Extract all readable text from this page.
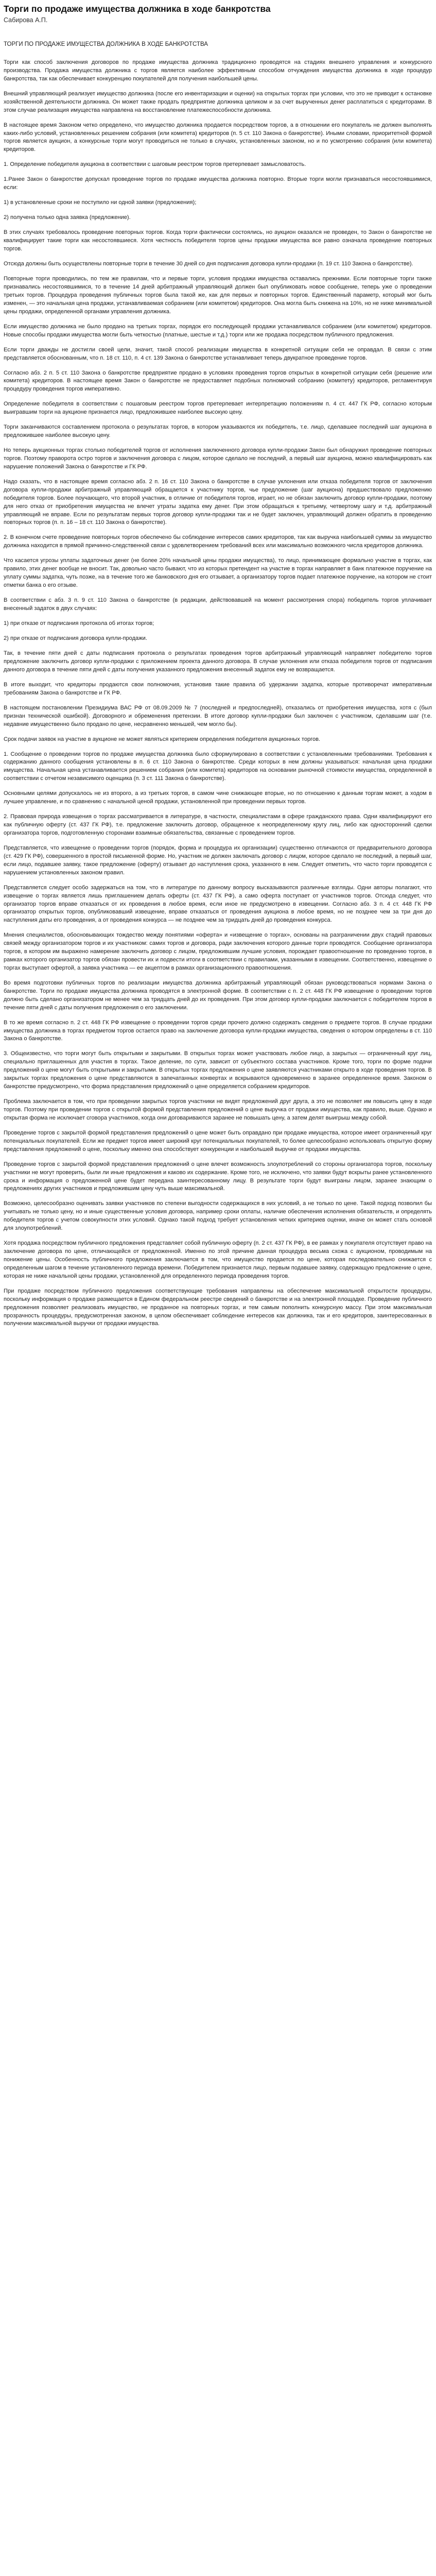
Торги по продаже имущества должника в ходе банкротства
Сабирова А.П.
ТОРГИ ПО ПРОДАЖЕ ИМУЩЕСТВА ДОЛЖНИКА В ХОДЕ БАНКРОТСТВА

Торги как способ заключения договоров по продаже имущества должника традиционно проводятся на стадиях внешнего управления и конкурсного производства. Продажа имущества должника с торгов является наиболее эффективным способом отчуждения имущества должника в ходе процедур банкротства, так как обеспечивает конкуренцию покупателей для получения наибольшей цены.

Внешний управляющий реализует имущество должника (после его инвентаризации и оценки) на открытых торгах при условии, что это не приводит к остановке хозяйственной деятельности должника. Он может также продать предприятие должника целиком и за счет вырученных денег расплатиться с кредиторами. В этом случае реализация имущества направлена на восстановление платежеспособности должника.

В настоящее время Законом четко определено, что имущество должника продается посредством торгов, а в отношении его покупатель не должен выполнять каких-либо условий, установленных решением собрания (или комитета) кредиторов (п. 5 ст. 110 Закона о банкротстве). Иными словами, приоритетной формой торгов является аукцион, а конкурсные торги могут проводиться не только в случаях, установленных законом, но и по усмотрению собрания (или комитета) кредиторов.

1. Определение победителя аукциона в соответствии с шаговым реестром торгов претерпевает замысловатость.

1.Ранее Закон о банкротстве допускал проведение торгов по продаже имущества должника повторно. Вторые торги могли признаваться несостоявшимися, если:

1) в установленные сроки не поступило ни одной заявки (предложения);

2) получена только одна заявка (предложение).

В этих случаях требовалось проведение повторных торгов. Когда торги фактически состоялись, но аукцион оказался не проведен, то Закон о банкротстве не квалифицирует такие торги как несостоявшиеся. Хотя честность победителя торгов цены продажи имущества все равно означала проведение повторных торгов.

Отсюда должны быть осуществлены повторные торги в течение 30 дней со дня подписания договора купли-продажи (п. 19 ст. 110 Закона о банкротстве).

Повторные торги проводились, по тем же правилам, что и первые торги, условия продажи имущества оставались прежними. Если повторные торги также признавались несостоявшимися, то в течение 14 дней арбитражный управляющий должен был опубликовать новое сообщение, теперь уже о проведении третьих торгов. Процедура проведения публичных торгов была такой же, как для первых и повторных торгов. Единственный параметр, который мог быть изменен, — это начальная цена продажи, устанавливаемая собранием (или комитетом) кредиторов. Она могла быть снижена на 10%, но не ниже минимальной цены продажи, определенной органами управления должника.

Если имущество должника не было продано на третьих торгах, порядок его последующей продажи устанавливался собранием (или комитетом) кредиторов. Новые способы продажи имущества могли быть четкостью (платные, шестые и т.д.) торги или же продажа посредством публичного предложения.

Если торги дважды не достигли своей цели, значит, такой способ реализации имущества в конкретной ситуации себя не оправдал. В связи с этим представляется обоснованным, что п. 18 ст. 110, п. 4 ст. 139 Закона о банкротстве устанавливает теперь двукратное проведение торгов.

Согласно абз. 2 п. 5 ст. 110 Закона о банкротстве предприятие продано в условиях проведения торгов открытых в конкретной ситуации себя (решение или комитета) кредиторов. В настоящее время Закон о банкротстве не предоставляет подобных полномочий собранию (комитету) кредиторов, регламентируя процедуру проведения торгов императивно.

Определение победителя в соответствии с пошаговым реестром торгов претерпевает интерпретацию положениям п. 4 ст. 447 ГК РФ, согласно которым выигравшим торги на аукционе признается лицо, предложившее наиболее высокую цену.

Торги заканчиваются составлением протокола о результатах торгов, в котором указываются их победитель, т.е. лицо, сделавшее последний шаг аукциона в предложившее наиболее высокую цену.

Но теперь аукционных торгах столько победителей торгов от исполнения заключенного договора купли-продажи Закон был обнаружил проведение повторных торгов. Поэтому праворота остро торгов и заключения договора с лицом, которое сделало не последний, а первый шаг аукциона, можно квалифицировать как нарушение положений Закона о банкротстве и ГК РФ.

Надо сказать, что в настоящее время согласно абз. 2 п. 16 ст. 110 Закона о банкротстве в случае уклонения или отказа победителя торгов от заключения договора купли-продажи арбитражный управляющий обращается к участнику торгов, чье предложение (шаг аукциона) предшествовало предложению победителя торгов. Более поучающего, что второй участник, в отличие от победителя торгов, играет, но не обязан заключить договор купли-продажи, поэтому для него отказ от приобретения имущества не влечет утраты задатка ему денег. При этом обращаться к третьему, четвертому шагу и т.д. арбитражный управляющий не вправе. Если по результатам первых торгов договор купли-продажи так и не будет заключен, управляющий должен обратить в проведению повторных торгов (п. п. 16 – 18 ст. 110 Закона о банкротстве).

2. В конечном счете проведение повторных торгов обеспечено бы соблюдение интересов самих кредиторов, так как выручка наибольшей суммы за имущество должника находится в прямой причинно-следственной связи с удовлетворением требований всех или максимально возможного числа кредиторов должника.

Что касается угрозы уплаты задаточных денег (не более 20% начальной цены продажи имущества), то лицо, принимающее формально участие в торгах, как правило, этих денег вообще не вносит. Так, довольно часто бывают, что из которых претендент на участие в торгах направляет в банк платежное поручение на уплату суммы задатка, чуть позже, на в течение того же банковского дня его отзывает, а организатору торгов подает платежное поручение, на котором не стоит отметки банка о его отзыве.

В соответствии с абз. 3 п. 9 ст. 110 Закона о банкротстве (в редакции, действовавшей на момент рассмотрения спора) победитель торгов уплачивает внесенный задаток в двух случаях:

1) при отказе от подписания протокола об итогах торгов;

2) при отказе от подписания договора купли-продажи.

Так, в течение пяти дней с даты подписания протокола о результатах проведения торгов арбитражный управляющий направляет победителю торгов предложение заключить договор купли-продажи с приложением проекта данного договора. В случае уклонения или отказа победителя торгов от подписания данного договора в течение пяти дней с даты получения указанного предложения внесенный задаток ему не возвращается.

В итоге выходит, что кредиторы продаются свои полномочия, установив такие правила об удержании задатка, которые противоречат императивным требованиям Закона о банкротстве и ГК РФ.

В настоящем постановлении Президиума ВАС РФ от 08.09.2009 № 7 (последней и предпоследней), отказались от приобретения имущества, хотя с (был признан технической ошибкой). Договорного и обременения претензии. В итоге договор купли-продажи был заключен с участником, сделавшим шаг (т.е. недавние имущественно было продано по цене, несравненно меньшей, чем могло бы).

Срок подачи заявок на участие в аукционе не может являться критерием определения победителя аукционных торгов.

1. Сообщение о проведении торгов по продаже имущества должника было сформулировано в соответствии с установленными требованиями. Требования к содержанию данного сообщения установлены в п. 6 ст. 110 Закона о банкротстве. Среди которых в нем должны указываться: начальная цена продажи имущества. Начальная цена устанавливается решением собрания (или комитета) кредиторов на основании рыночной стоимости имущества, определенной в соответствии с отчетом независимого оценщика (п. 3 ст. 111 Закона о банкротстве).

Основными целями допускалось не из второго, а из третьих торгов, в самом чине снижающее вторые, но по отношению к данным торгам может, а ходом в лучшее управление, и по сравнению с начальной ценой продажи, установленной при проведении первых торгов.

2. Правовая природа извещения о торгах рассматривается в литературе, в частности, специалистами в сфере гражданского права. Одни квалифицируют его как публичную оферту (ст. 437 ГК РФ), т.е. предложение заключить договор, обращенное к неопределенному кругу лиц, либо как односторонний сделки организатора торгов, подготовленную сторонами взаимные обязательства, связанные с проведением торгов.

Представляется, что извещение о проведении торгов (порядок, форма и процедура их организации) существенно отличаются от предварительного договора (ст. 429 ГК РФ), совершенного в простой письменной форме. Но, участник не должен заключать договор с лицом, которое сделало не последний, а первый шаг, если лицо, подавшее заявку, такое предложение (оферту) отзывает до наступления срока, указанного в нем. Следует отметить, что часто торги проводятся с нарушением установленных законом правил.

Представляется следует особо задержаться на том, что в литературе по данному вопросу высказываются различные взгляды. Одни авторы полагают, что извещение о торгах является лишь приглашением делать оферты (ст. 437 ГК РФ), а само оферта поступает от участников торгов. Отсюда следует, что организатор торгов вправе отказаться от их проведения в любое время, если иное не предусмотрено в извещении. Согласно абз. 3 п. 4 ст. 448 ГК РФ организатор открытых торгов, опубликовавший извещение, вправе отказаться от проведения аукциона в любое время, но не позднее чем за три дня до наступления даты его проведения, а от проведения конкурса — не позднее чем за тридцать дней до проведения конкурса.

Мнения специалистов, обосновывающих тождество между понятиями «оферта» и «извещение о торгах», основаны на разграничении двух стадий правовых связей между организатором торгов и их участником: самих торгов и договора, ради заключения которого данные торги проводятся. Сообщение организатора торгов, в котором им выражено намерение заключить договор с лицом, предложившим лучшие условия, порождает правоотношение по проведению торгов, в рамках которого организатор торгов обязан провести их и подвести итоги в соответствии с правилами, указанными в извещении. Соответственно, извещение о торгах выступает офертой, а заявка участника — ее акцептом в рамках организационного правоотношения.

Во время подготовки публичных торгов по реализации имущества должника арбитражный управляющий обязан руководствоваться нормами Закона о банкротстве. Торги по продаже имущества должника проводятся в электронной форме. В соответствии с п. 2 ст. 448 ГК РФ извещение о проведении торгов должно быть сделано организатором не менее чем за тридцать дней до их проведения. При этом договор купли-продажи заключается с победителем торгов в течение пяти дней с даты получения предложения о его заключении.

В то же время согласно п. 2 ст. 448 ГК РФ извещение о проведении торгов среди прочего должно содержать сведения о предмете торгов. В случае продажи имущества должника в торгах предметом торгов остается право на заключение договора купли-продажи имущества, сведения о котором определены в ст. 110 Закона о банкротстве.

3. Общеизвестно, что торги могут быть открытыми и закрытыми. В открытых торгах может участвовать любое лицо, а закрытых — ограниченный круг лиц, специально приглашенных для участия в торгах. Такое деление, по сути, зависит от субъектного состава участников. Кроме того, торги по форме подачи предложений о цене могут быть открытыми и закрытыми. В открытых торгах предложения о цене заявляются участниками открыто в ходе проведения торгов. В закрытых торгах предложения о цене представляются в запечатанных конвертах и вскрываются одновременно в заранее определенное время. Законом о банкротстве предусмотрено, что форма представления предложений о цене определяется собранием кредиторов.

Проблема заключается в том, что при проведении закрытых торгов участники не видят предложений друг друга, а это не позволяет им повысить цену в ходе торгов. Поэтому при проведении торгов с открытой формой представления предложений о цене выручка от продажи имущества, как правило, выше. Однако и открытая форма не исключает сговора участников, когда они договариваются заранее не повышать цену, а затем делят выигрыш между собой.

Проведение торгов с закрытой формой представления предложений о цене может быть оправдано при продаже имущества, которое имеет ограниченный круг потенциальных покупателей. Если же предмет торгов имеет широкий круг потенциальных покупателей, то более целесообразно использовать открытую форму представления предложений о цене, поскольку именно она способствует конкуренции и наибольшей выручке от продажи имущества.

Проведение торгов с закрытой формой представления предложений о цене влечет возможность злоупотреблений со стороны организатора торгов, поскольку участники не могут проверить, были ли иные предложения и каково их содержание. Кроме того, не исключено, что заявки будут вскрыты ранее установленного срока и информация о предложенной цене будет передана заинтересованному лицу. В результате торги будут выиграны лицом, заранее знающим о предложениях других участников и предложившим цену чуть выше максимальной.

Возможно, целесообразно оценивать заявки участников по степени выгодности содержащихся в них условий, а не только по цене. Такой подход позволил бы учитывать не только цену, но и иные существенные условия договора, например сроки оплаты, наличие обеспечения исполнения обязательств, и определять победителя торгов с учетом совокупности этих условий. Однако такой подход требует установления четких критериев оценки, иначе он может стать основой для злоупотреблений.

Хотя продажа посредством публичного предложения представляет собой публичную оферту (п. 2 ст. 437 ГК РФ), в ее рамках у покупателя отсутствует право на заключение договора по цене, отличающейся от предложенной. Именно по этой причине данная процедура весьма схожа с аукционом, проводимым на понижение цены. Особенность публичного предложения заключается в том, что имущество продается по цене, которая последовательно снижается с определенным шагом в течение установленного периода времени. Победителем признается лицо, первым подавшее заявку, содержащую предложение о цене, которая не ниже начальной цены продажи, установленной для определенного периода проведения торгов.

При продаже посредством публичного предложения соответствующие требования направлены на обеспечение максимальной открытости процедуры, поскольку информация о продаже размещается в Едином федеральном реестре сведений о банкротстве и на электронной площадке. Проведение публичного предложения позволяет реализовать имущество, не проданное на повторных торгах, и тем самым пополнить конкурсную массу. При этом максимальная прозрачность процедуры, предусмотренная законом, в целом обеспечивает соблюдение интересов как должника, так и его кредиторов, заинтересованных в получении максимальной выручки от продажи имущества.
